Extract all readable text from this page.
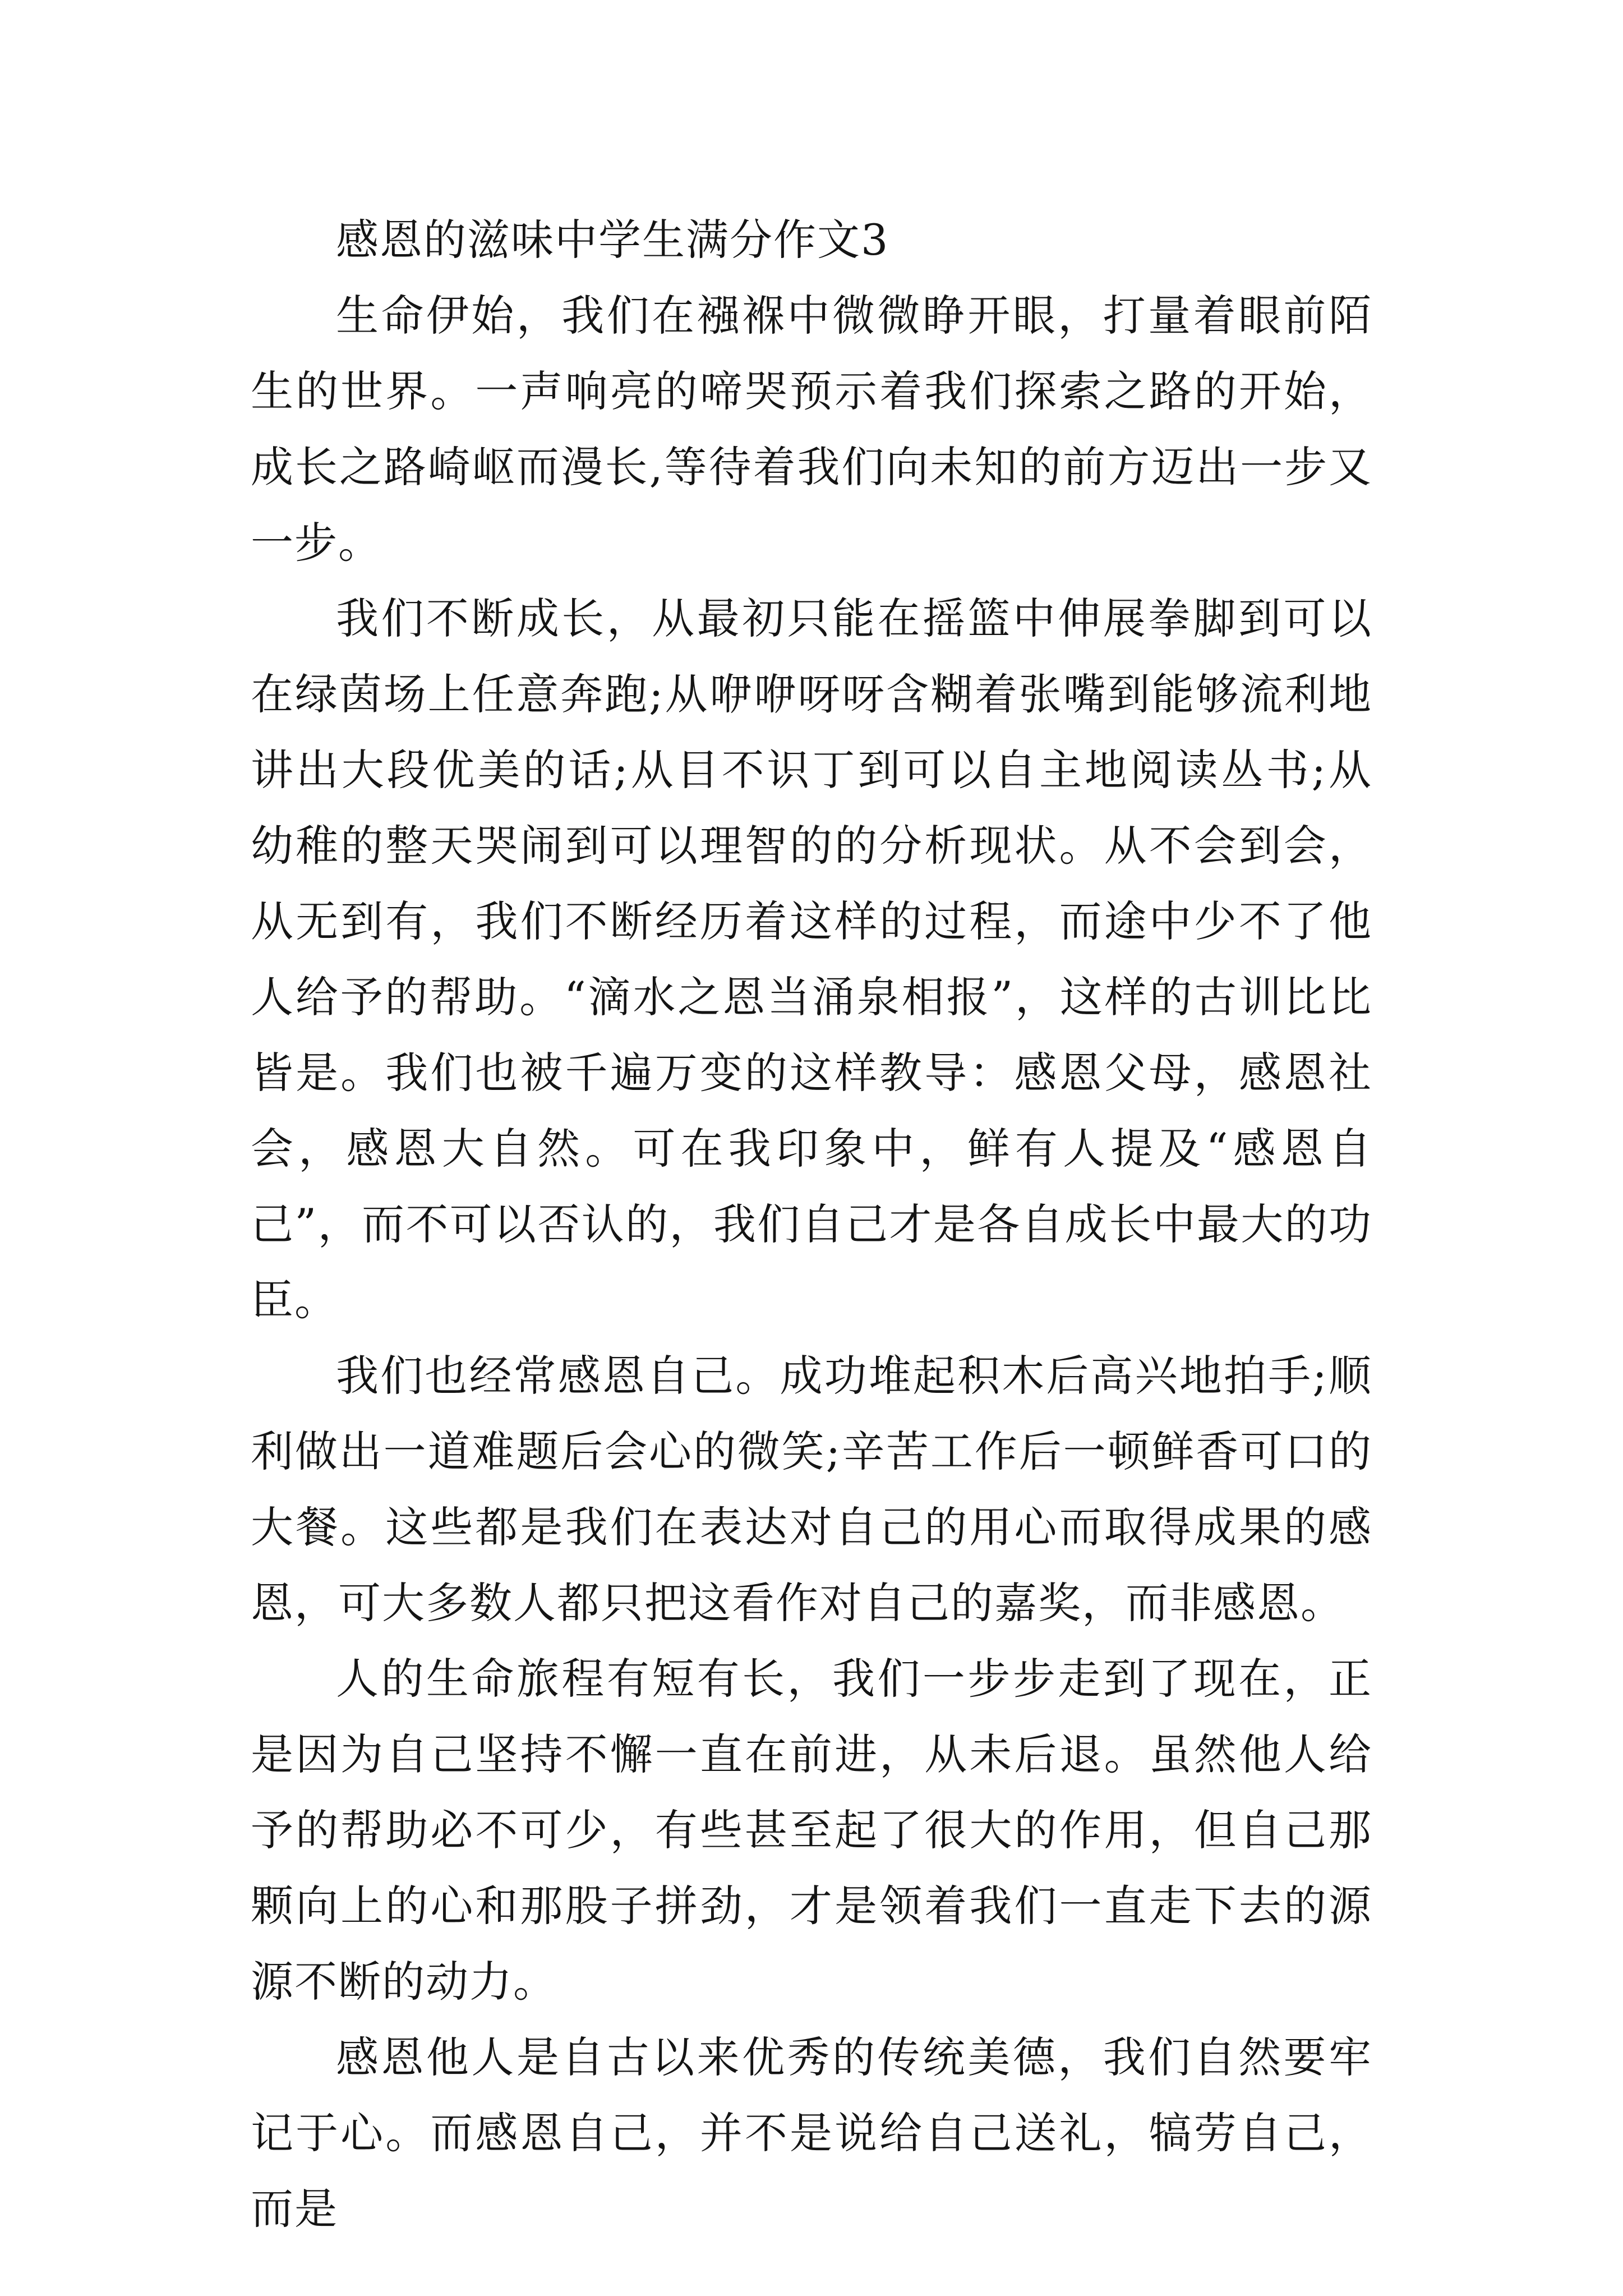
感恩的滋味中学生满分作文3

生命伊始，我们在襁褓中微微睁开眼，打量着眼前陌生的世界。一声响亮的啼哭预示着我们探索之路的开始，成长之路崎岖而漫长,等待着我们向未知的前方迈出一步又一步。

我们不断成长，从最初只能在摇篮中伸展拳脚到可以在绿茵场上任意奔跑;从咿咿呀呀含糊着张嘴到能够流利地讲出大段优美的话;从目不识丁到可以自主地阅读丛书;从幼稚的整天哭闹到可以理智的的分析现状。从不会到会，从无到有，我们不断经历着这样的过程，而途中少不了他人给予的帮助。“滴水之恩当涌泉相报”，这样的古训比比皆是。我们也被千遍万变的这样教导：感恩父母，感恩社会，感恩大自然。可在我印象中，鲜有人提及“感恩自己”，而不可以否认的，我们自己才是各自成长中最大的功臣。

我们也经常感恩自己。成功堆起积木后高兴地拍手;顺利做出一道难题后会心的微笑;辛苦工作后一顿鲜香可口的大餐。这些都是我们在表达对自己的用心而取得成果的感恩，可大多数人都只把这看作对自己的嘉奖，而非感恩。

人的生命旅程有短有长，我们一步步走到了现在，正是因为自己坚持不懈一直在前进，从未后退。虽然他人给予的帮助必不可少，有些甚至起了很大的作用，但自己那颗向上的心和那股子拼劲，才是领着我们一直走下去的源源不断的动力。

感恩他人是自古以来优秀的传统美德，我们自然要牢记于心。而感恩自己，并不是说给自己送礼，犒劳自己，而是
